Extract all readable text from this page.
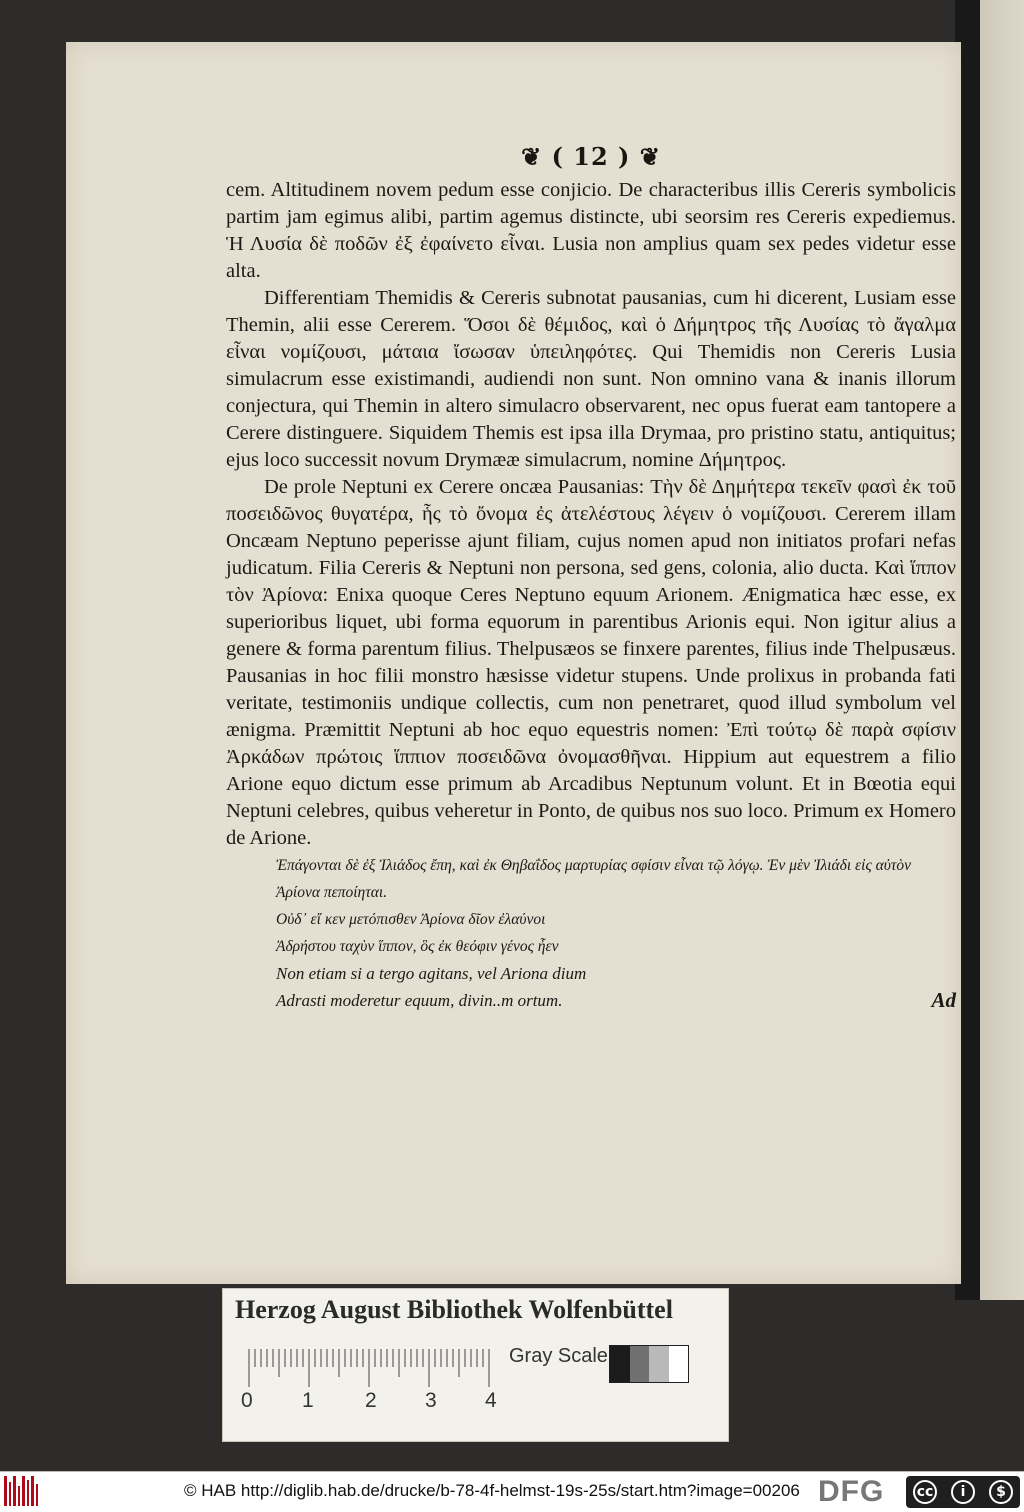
❦ ( 12 ) ❦

cem. Altitudinem novem pedum esse conjicio. De characteribus illis Cereris symbolicis partim jam egimus alibi, partim agemus distincte, ubi seorsim res Cereris expediemus. Ἡ Λυσία δὲ ποδῶν ἐξ ἐφαίνετο εἶναι. Lusia non amplius quam sex pedes videtur esse alta.

Differentiam Themidis & Cereris subnotat pausanias, cum hi dicerent, Lusiam esse Themin, alii esse Cererem. Ὅσοι δὲ θέμιδος, καὶ ὁ Δήμητρος τῆς Λυσίας τὸ ἄγαλμα εἶναι νομίζουσι, μάταια ἴσωσαν ὑπειληφότες. Qui Themidis non Cereris Lusia simulacrum esse existimandi, audiendi non sunt. Non omnino vana & inanis illorum conjectura, qui Themin in altero simulacro observarent, nec opus fuerat eam tantopere a Cerere distinguere. Siquidem Themis est ipsa illa Drymaa, pro pristino statu, antiquitus; ejus loco successit novum Drymææ simulacrum, nomine Δήμητρος.

De prole Neptuni ex Cerere oncæa Pausanias: Τὴν δὲ Δημήτερα τεκεῖν φασὶ ἐκ τοῦ ποσειδῶνος θυγατέρα, ἧς τὸ ὄνομα ἐς ἀτελέστους λέγειν ὁ νομίζουσι. Cererem illam Oncæam Neptuno peperisse ajunt filiam, cujus nomen apud non initiatos profari nefas judicatum. Filia Cereris & Neptuni non persona, sed gens, colonia, alio ducta. Καὶ ἵππον τὸν Ἀρίονα: Enixa quoque Ceres Neptuno equum Arionem. Ænigmatica hæc esse, ex superioribus liquet, ubi forma equorum in parentibus Arionis equi. Non igitur alius a genere & forma parentum filius. Thelpusæos se finxere parentes, filius inde Thelpusæus. Pausanias in hoc filii monstro hæsisse videtur stupens. Unde prolixus in probanda fati veritate, testimoniis undique collectis, cum non penetraret, quod illud symbolum vel ænigma. Præmittit Neptuni ab hoc equo equestris nomen: Ἐπὶ τούτῳ δὲ παρὰ σφίσιν Ἀρκάδων πρώτοις ἵππιον ποσειδῶνα ὀνομασθῆναι. Hippium aut equestrem a filio Arione equo dictum esse primum ab Arcadibus Neptunum volunt. Et in Bœotia equi Neptuni celebres, quibus veheretur in Ponto, de quibus nos suo loco. Primum ex Homero de Arione.

Ἐπάγονται δὲ ἐξ Ἰλιάδος ἔπη, καὶ ἐκ Θηβαΐδος μαρτυρίας σφίσιν εἶναι τῷ λόγῳ. Ἐν μὲν Ἰλιάδι εἰς αὐτὸν Ἀρίονα πεποίηται.
Οὐδ᾽ εἴ κεν μετόπισθεν Ἀρίονα δῖον ἐλαύνοι
Ἀδρήστου ταχὺν ἵππον, ὃς ἐκ θεόφιν γένος ἦεν
Non etiam si a tergo agitans, vel Ariona dium
Adrasti moderetur equum, divin..m ortum.	Ad
Herzog August Bibliothek Wolfenbüttel
Gray Scale
0 1 2 3 4
© HAB http://diglib.hab.de/drucke/b-78-4f-helmst-19s-25s/start.htm?image=00206 DFG cc	i	$
